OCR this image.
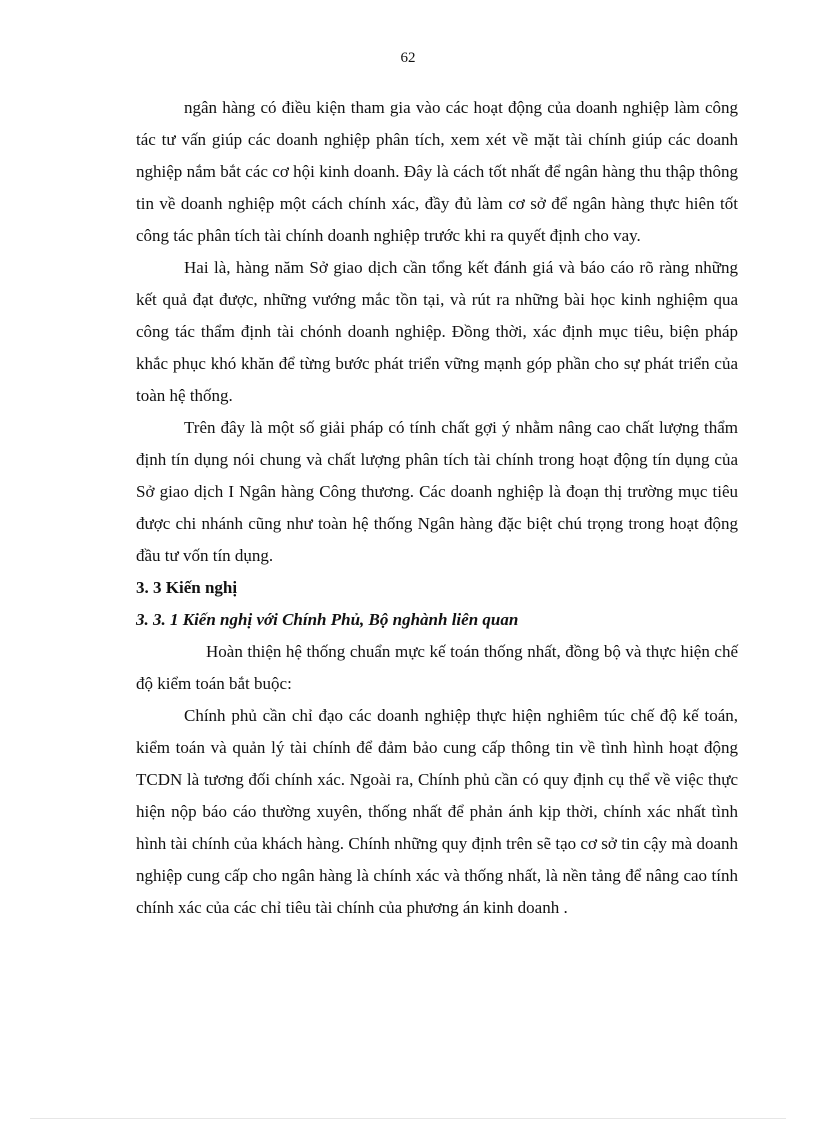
62

ngân hàng có điều kiện tham gia vào các hoạt động của doanh nghiệp làm công tác tư vấn giúp các doanh nghiệp phân tích, xem xét về mặt tài chính giúp các doanh nghiệp nắm bắt các cơ hội kinh doanh. Đây là cách tốt nhất để ngân hàng thu thập thông tin về doanh nghiệp một cách chính xác, đầy đủ làm cơ sở để ngân hàng thực hiên tốt công tác phân tích tài chính doanh nghiệp trước khi ra quyết định cho vay.

Hai là, hàng năm Sở giao dịch cần tổng kết đánh giá và báo cáo rõ ràng những kết quả đạt được, những vướng mắc tồn tại, và rút ra những bài học kinh nghiệm qua công tác thẩm định tài chónh doanh nghiệp. Đồng thời, xác định mục tiêu, biện pháp khắc phục khó khăn để từng bước phát triển vững mạnh góp phần cho sự phát triển của toàn hệ thống.

Trên đây là một số giải pháp có tính chất gợi ý nhằm nâng cao chất lượng thẩm định tín dụng nói chung và chất lượng phân tích tài chính trong hoạt động tín dụng của Sở giao dịch I Ngân hàng Công thương. Các doanh nghiệp là đoạn thị trường mục tiêu được chi nhánh cũng như toàn hệ thống Ngân hàng đặc biệt chú trọng trong hoạt động đầu tư vốn tín dụng.

3. 3 Kiến nghị

3. 3. 1 Kiến nghị với Chính Phủ, Bộ nghành liên quan

Hoàn thiện hệ thống chuẩn mực kế toán thống nhất, đồng bộ và thực hiện chế độ kiểm toán bắt buộc:

Chính phủ cần chỉ đạo các doanh nghiệp thực hiện nghiêm túc chế độ kế toán, kiểm toán và quản lý tài chính để đảm bảo cung cấp thông tin về tình hình hoạt động TCDN là tương đối chính xác. Ngoài ra, Chính phủ cần có quy định cụ thể về việc thực hiện nộp báo cáo thường xuyên, thống nhất để phản ánh kịp thời, chính xác nhất tình hình tài chính của khách hàng. Chính những quy định trên sẽ tạo cơ sở tin cậy mà doanh nghiệp cung cấp cho ngân hàng là chính xác và thống nhất, là nền tảng để nâng cao tính chính xác của các chỉ tiêu tài chính của phương án kinh doanh .
